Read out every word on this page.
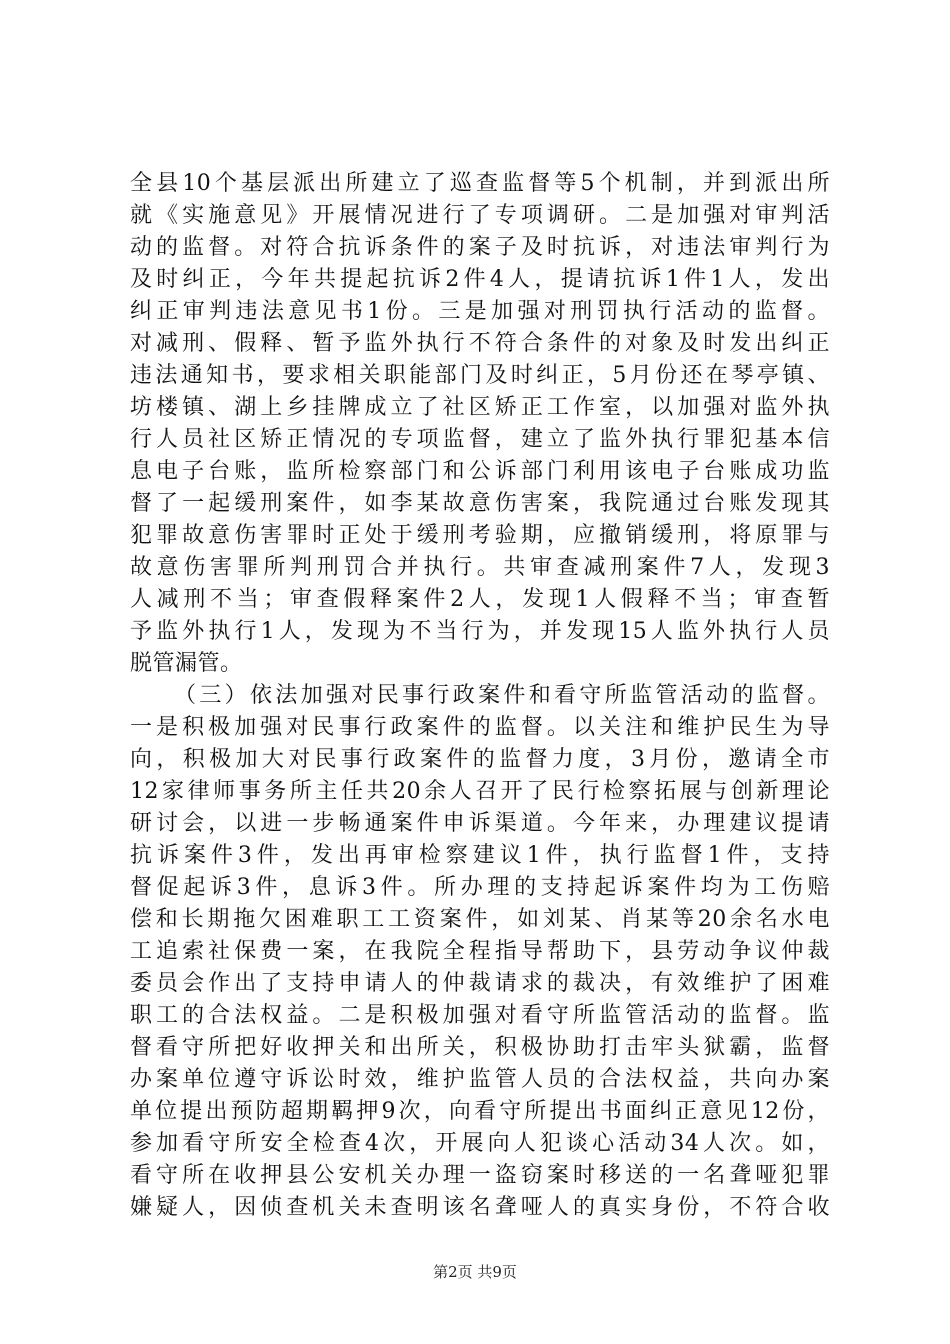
全县10个基层派出所建立了巡查监督等5个机制，并到派出所
就《实施意见》开展情况进行了专项调研。二是加强对审判活
动的监督。对符合抗诉条件的案子及时抗诉，对违法审判行为
及时纠正，今年共提起抗诉2件4人，提请抗诉1件1人，发出
纠正审判违法意见书1份。三是加强对刑罚执行活动的监督。
对减刑、假释、暂予监外执行不符合条件的对象及时发出纠正
违法通知书，要求相关职能部门及时纠正，5月份还在琴亭镇、
坊楼镇、湖上乡挂牌成立了社区矫正工作室，以加强对监外执
行人员社区矫正情况的专项监督，建立了监外执行罪犯基本信
息电子台账，监所检察部门和公诉部门利用该电子台账成功监
督了一起缓刑案件，如李某故意伤害案，我院通过台账发现其
犯罪故意伤害罪时正处于缓刑考验期，应撤销缓刑，将原罪与
故意伤害罪所判刑罚合并执行。共审查减刑案件7人，发现3
人减刑不当；审查假释案件2人，发现1人假释不当；审查暂
予监外执行1人，发现为不当行为，并发现15人监外执行人员
脱管漏管。
（三）依法加强对民事行政案件和看守所监管活动的监督。
一是积极加强对民事行政案件的监督。以关注和维护民生为导
向，积极加大对民事行政案件的监督力度，3月份，邀请全市
12家律师事务所主任共20余人召开了民行检察拓展与创新理论
研讨会，以进一步畅通案件申诉渠道。今年来，办理建议提请
抗诉案件3件，发出再审检察建议1件，执行监督1件，支持
督促起诉3件，息诉3件。所办理的支持起诉案件均为工伤赔
偿和长期拖欠困难职工工资案件，如刘某、肖某等20余名水电
工追索社保费一案，在我院全程指导帮助下，县劳动争议仲裁
委员会作出了支持申请人的仲裁请求的裁决，有效维护了困难
职工的合法权益。二是积极加强对看守所监管活动的监督。监
督看守所把好收押关和出所关，积极协助打击牢头狱霸，监督
办案单位遵守诉讼时效，维护监管人员的合法权益，共向办案
单位提出预防超期羁押9次，向看守所提出书面纠正意见12份，
参加看守所安全检查4次，开展向人犯谈心活动34人次。如，
看守所在收押县公安机关办理一盗窃案时移送的一名聋哑犯罪
嫌疑人，因侦查机关未查明该名聋哑人的真实身份，不符合收
第2页 共9页
